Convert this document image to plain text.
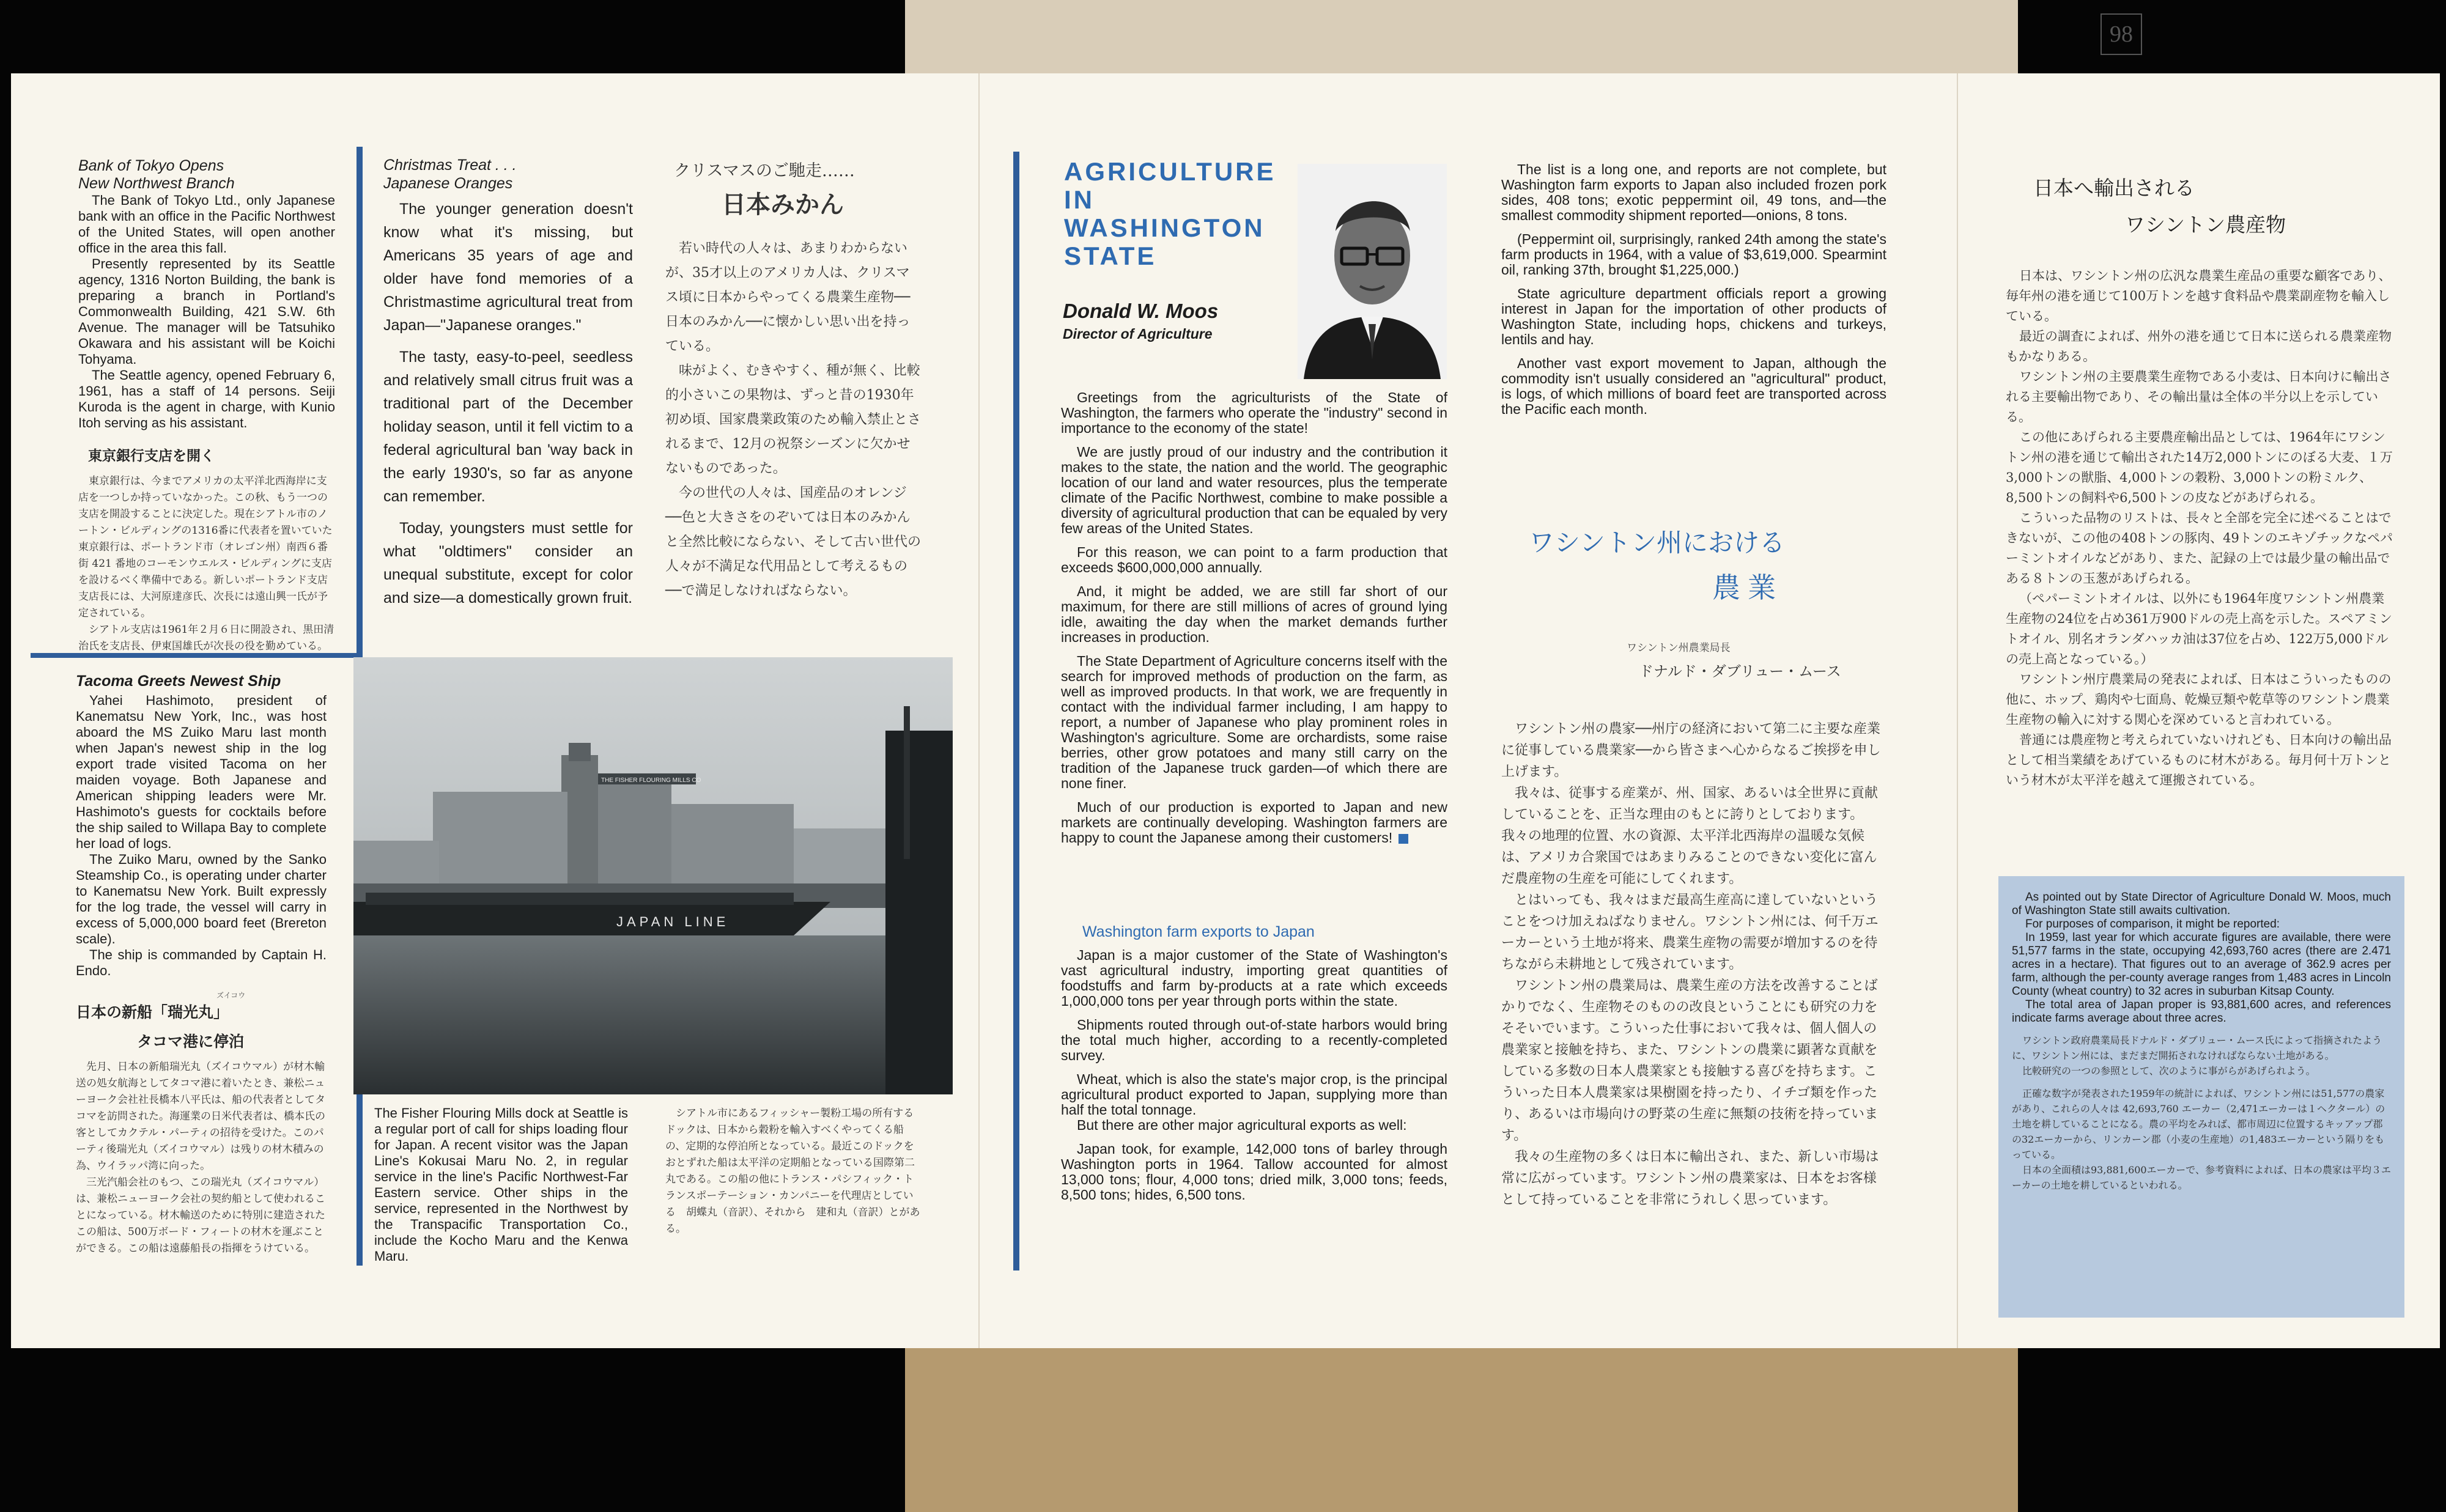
98

Bank of Tokyo Opens
New Northwest Branch

The Bank of Tokyo Ltd., only Japanese bank with an office in the Pacific Northwest of the United States, will open another office in the area this fall.

Presently represented by its Seattle agency, 1316 Norton Building, the bank is preparing a branch in Portland's Commonwealth Building, 421 S.W. 6th Avenue. The manager will be Tatsuhiko Okawara and his assistant will be Koichi Tohyama.

The Seattle agency, opened February 6, 1961, has a staff of 14 persons. Seiji Kuroda is the agent in charge, with Kunio Itoh serving as his assistant.

東京銀行支店を開く

東京銀行は、今までアメリカの太平洋北西海岸に支店を一つしか持っていなかった。この秋、もう一つの支店を開設することに決定した。現在シアトル市のノートン・ビルディングの1316番に代表者を置いていた東京銀行は、ポートランド市（オレゴン州）南西６番街 421 番地のコーモンウエルス・ビルディングに支店を設けるべく準備中である。新しいポートランド支店支店長には、大河原達彦氏、次長には遠山興一氏が予定されている。

シアトル支店は1961年２月６日に開設され、黒田清治氏を支店長、伊東国雄氏が次長の役を勤めている。

Christmas Treat . . .
Japanese Oranges

The younger generation doesn't know what it's missing, but Americans 35 years of age and older have fond memories of a Christmastime agricultural treat from Japan—"Japanese oranges."

The tasty, easy-to-peel, seedless and relatively small citrus fruit was a traditional part of the December holiday season, until it fell victim to a federal agricultural ban 'way back in the early 1930's, so far as anyone can remember.

Today, youngsters must settle for what "oldtimers" consider an unequal substitute, except for color and size—a domestically grown fruit.

クリスマスのご馳走……

日本みかん

若い時代の人々は、あまりわからないが、35才以上のアメリカ人は、クリスマス頃に日本からやってくる農業生産物──日本のみかん──に懐かしい思い出を持っている。

味がよく、むきやすく、種が無く、比較的小さいこの果物は、ずっと昔の1930年初め頃、国家農業政策のため輸入禁止とされるまで、12月の祝祭シーズンに欠かせないものであった。

今の世代の人々は、国産品のオレンジ──色と大きさをのぞいては日本のみかんと全然比較にならない、そして古い世代の人々が不満足な代用品として考えるもの──で満足しなければならない。

Tacoma Greets Newest Ship

Yahei Hashimoto, president of Kanematsu New York, Inc., was host aboard the MS Zuiko Maru last month when Japan's newest ship in the log export trade visited Tacoma on her maiden voyage. Both Japanese and American shipping leaders were Mr. Hashimoto's guests for cocktails before the ship sailed to Willapa Bay to complete her load of logs.

The Zuiko Maru, owned by the Sanko Steamship Co., is operating under charter to Kanematsu New York. Built expressly for the log trade, the vessel will carry in excess of 5,000,000 board feet (Brereton scale).

The ship is commanded by Captain H. Endo.

ズイコウ

日本の新船「瑞光丸」

タコマ港に停泊

先月、日本の新船瑞光丸（ズイコウマル）が材木輸送の処女航海としてタコマ港に着いたとき、兼松ニューヨーク会社社長橋本八平氏は、船の代表者としてタコマを訪問された。海運業の日米代表者は、橋本氏の客としてカクテル・パーティの招待を受けた。このパーティ後瑞光丸（ズイコウマル）は残りの材木積みの為、ウイラッパ湾に向った。

三光汽船会社のもつ、この瑞光丸（ズイコウマル）は、兼松ニューヨーク会社の契約船として使われることになっている。材木輸送のために特別に建造されたこの船は、500万ボード・フィートの材木を運ぶことができる。この船は遠藤船長の指揮をうけている。

THE FISHER FLOURING MILLS CO
JAPAN LINE

The Fisher Flouring Mills dock at Seattle is a regular port of call for ships loading flour for Japan. A recent visitor was the Japan Line's Kokusai Maru No. 2, in regular service in the line's Pacific Northwest-Far Eastern service. Other ships in the service, represented in the Northwest by the Transpacific Transportation Co., include the Kocho Maru and the Kenwa Maru.

シアトル市にあるフィッシャー製粉工場の所有するドックは、日本から穀粉を輸入すべくやってくる船の、定期的な停泊所となっている。最近このドックをおとずれた船は太平洋の定期船となっている国際第二丸である。この船の他にトランス・パシフィック・トランスポーテーション・カンパニーを代理店としている　胡蝶丸（音訳）、それから　建和丸（音訳）とがある。

AGRICULTURE
IN
WASHINGTON
STATE
Donald W. Moos
Director of Agriculture

Greetings from the agriculturists of the State of Washington, the farmers who operate the "industry" second in importance to the economy of the state!

We are justly proud of our industry and the contribution it makes to the state, the nation and the world. The geographic location of our land and water resources, plus the temperate climate of the Pacific Northwest, combine to make possible a diversity of agricultural production that can be equaled by very few areas of the United States.

For this reason, we can point to a farm production that exceeds $600,000,000 annually.

And, it might be added, we are still far short of our maximum, for there are still millions of acres of ground lying idle, awaiting the day when the market demands further increases in production.

The State Department of Agriculture concerns itself with the search for improved methods of production on the farm, as well as improved products. In that work, we are frequently in contact with the individual farmer including, I am happy to report, a number of Japanese who play prominent roles in Washington's agriculture. Some are orchardists, some raise berries, other grow potatoes and many still carry on the tradition of the Japanese truck garden—of which there are none finer.

Much of our production is exported to Japan and new markets are continually developing. Washington farmers are happy to count the Japanese among their customers!

Washington farm exports to Japan

Japan is a major customer of the State of Washington's vast agricultural industry, importing great quantities of foodstuffs and farm by-products at a rate which exceeds 1,000,000 tons per year through ports within the state.

Shipments routed through out-of-state harbors would bring the total much higher, according to a recently-completed survey.

Wheat, which is also the state's major crop, is the principal agricultural product exported to Japan, supplying more than half the total tonnage.

But there are other major agricultural exports as well:

Japan took, for example, 142,000 tons of barley through Washington ports in 1964. Tallow accounted for almost 13,000 tons; flour, 4,000 tons; dried milk, 3,000 tons; feeds, 8,500 tons; hides, 6,500 tons.

The list is a long one, and reports are not complete, but Washington farm exports to Japan also included frozen pork sides, 408 tons; exotic peppermint oil, 49 tons, and—the smallest commodity shipment reported—onions, 8 tons.

(Peppermint oil, surprisingly, ranked 24th among the state's farm products in 1964, with a value of $3,619,000. Spearmint oil, ranking 37th, brought $1,225,000.)

State agriculture department officials report a growing interest in Japan for the importation of other products of Washington State, including hops, chickens and turkeys, lentils and hay.

Another vast export movement to Japan, although the commodity isn't usually considered an "agricultural" product, is logs, of which millions of board feet are transported across the Pacific each month.

ワシントン州における
農業
ワシントン州農業局長
ドナルド・ダブリュー・ムース

ワシントン州の農家──州庁の経済において第二に主要な産業に従事している農業家──から皆さまへ心からなるご挨拶を申し上げます。

我々は、従事する産業が、州、国家、あるいは全世界に貢献していることを、正当な理由のもとに誇りとしております。我々の地理的位置、水の資源、太平洋北西海岸の温暖な気候は、アメリカ合衆国ではあまりみることのできない変化に富んだ農産物の生産を可能にしてくれます。

とはいっても、我々はまだ最高生産高に達していないということをつけ加えねばなりません。ワシントン州には、何千万エーカーという土地が将来、農業生産物の需要が増加するのを待ちながら未耕地として残されています。

ワシントン州の農業局は、農業生産の方法を改善することばかりでなく、生産物そのものの改良ということにも研究の力をそそいでいます。こういった仕事において我々は、個人個人の農業家と接触を持ち、また、ワシントンの農業に顕著な貢献をしている多数の日本人農業家とも接触する喜びを持ちます。こういった日本人農業家は果樹園を持ったり、イチゴ類を作ったり、あるいは市場向けの野菜の生産に無類の技術を持っています。

我々の生産物の多くは日本に輸出され、また、新しい市場は常に広がっています。ワシントン州の農業家は、日本をお客様として持っていることを非常にうれしく思っています。

日本へ輸出される
ワシントン農産物

日本は、ワシントン州の広汎な農業生産品の重要な顧客であり、毎年州の港を通じて100万トンを越す食料品や農業副産物を輸入している。

最近の調査によれば、州外の港を通じて日本に送られる農業産物もかなりある。

ワシントン州の主要農業生産物である小麦は、日本向けに輸出される主要輸出物であり、その輸出量は全体の半分以上を示している。

この他にあげられる主要農産輸出品としては、1964年にワシントン州の港を通じて輸出された14万2,000トンにのぼる大麦、１万3,000トンの獣脂、4,000トンの穀粉、3,000トンの粉ミルク、8,500トンの飼料や6,500トンの皮などがあげられる。

こういった品物のリストは、長々と全部を完全に述べることはできないが、この他の408トンの豚肉、49トンのエキゾチックなペパーミントオイルなどがあり、また、記録の上では最少量の輸出品である８トンの玉葱があげられる。

（ペパーミントオイルは、以外にも1964年度ワシントン州農業生産物の24位を占め361万900ドルの売上高を示した。スペアミントオイル、別名オランダハッカ油は37位を占め、122万5,000ドルの売上高となっている。）

ワシントン州庁農業局の発表によれば、日本はこういったものの他に、ホップ、鶏肉や七面鳥、乾燥豆類や乾草等のワシントン農業生産物の輸入に対する関心を深めていると言われている。

普通には農産物と考えられていないけれども、日本向けの輸出品として相当業績をあげているものに材木がある。毎月何十万トンという材木が太平洋を越えて運搬されている。

As pointed out by State Director of Agriculture Donald W. Moos, much of Washington State still awaits cultivation.

For purposes of comparison, it might be reported:

In 1959, last year for which accurate figures are available, there were 51,577 farms in the state, occupying 42,693,760 acres (there are 2.471 acres in a hectare). That figures out to an average of 362.9 acres per farm, although the per-county average ranges from 1,483 acres in Lincoln County (wheat country) to 32 acres in suburban Kitsap County.

The total area of Japan proper is 93,881,600 acres, and references indicate farms average about three acres.

ワシントン政府農業局長ドナルド・ダブリュー・ムース氏によって指摘されたように、ワシントン州には、まだまだ開拓されなければならない土地がある。

比較研究の一つの参照として、次のように事がらがあげられよう。

正確な数字が発表された1959年の統計によれば、ワシントン州には51,577の農家があり、これらの人々は 42,693,760 エーカー（2,471エーカーは１ヘクタール）の土地を耕していることになる。農の平均をみれば、都市周辺に位置するキッアップ郡の32エーカーから、リンカーン郡（小麦の生産地）の1,483エーカーという隔りをもっている。

日本の全面積は93,881,600エーカーで、参考資料によれば、日本の農家は平均３エーカーの土地を耕しているといわれる。
